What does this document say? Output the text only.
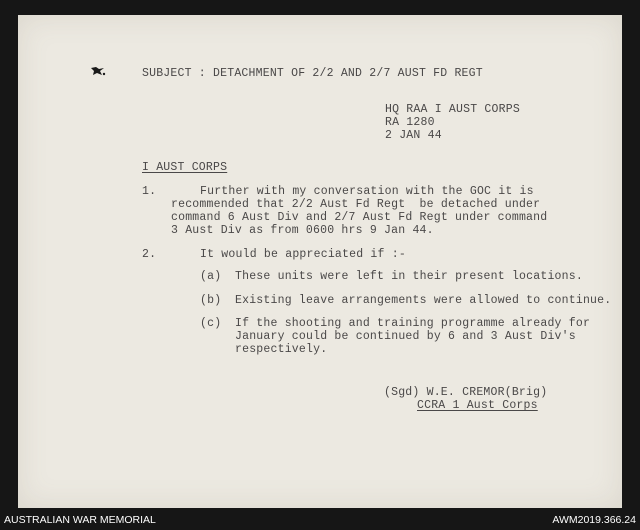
SUBJECT : DETACHMENT OF 2/2 AND 2/7 AUST FD REGT

HQ RAA I AUST CORPS

RA 1280

2 JAN 44

I AUST CORPS

1.	Further with my conversation with the GOC it is

recommended that 2/2 Aust Fd Regt  be detached under

command 6 Aust Div and 2/7 Aust Fd Regt under command

3 Aust Div as from 0600 hrs 9 Jan 44.

2.	It would be appreciated if :-

(a) These units were left in their present locations.

(b) Existing leave arrangements were allowed to continue.

(c) If the shooting and training programme already for

January could be continued by 6 and 3 Aust Div's

respectively.

(Sgd) W.E. CREMOR(Brig)

CCRA 1 Aust Corps

AUSTRALIAN WAR MEMORIAL	AWM2019.366.24
